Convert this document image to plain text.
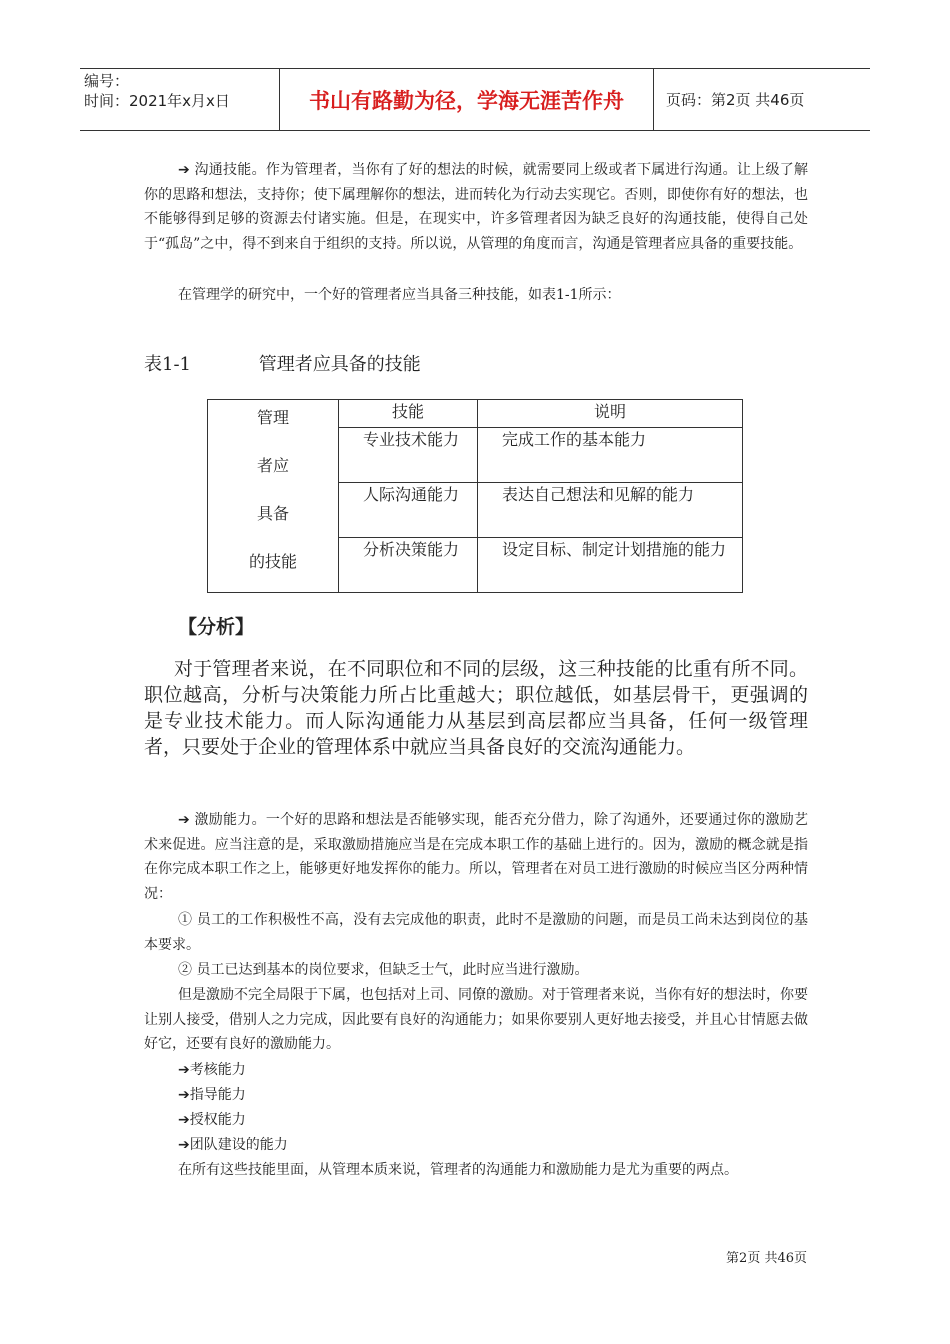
编号：
时间：2021年x月x日	书山有路勤为径，学海无涯苦作舟	页码：第2页 共46页

➔ 沟通技能。作为管理者，当你有了好的想法的时候，就需要同上级或者下属进行沟通。让上级了解你的思路和想法，支持你；使下属理解你的想法，进而转化为行动去实现它。否则，即使你有好的想法，也不能够得到足够的资源去付诸实施。但是，在现实中，许多管理者因为缺乏良好的沟通技能，使得自己处于“孤岛”之中，得不到来自于组织的支持。所以说，从管理的角度而言，沟通是管理者应具备的重要技能。

在管理学的研究中，一个好的管理者应当具备三种技能，如表1-1所示：

表1-1	管理者应具备的技能
管理
者应
具备
的技能	技能	说明
	专业技术能力	完成工作的基本能力
	人际沟通能力	表达自己想法和见解的能力
	分析决策能力	设定目标、制定计划措施的能力
【分析】

对于管理者来说，在不同职位和不同的层级，这三种技能的比重有所不同。职位越高，分析与决策能力所占比重越大；职位越低，如基层骨干，更强调的是专业技术能力。而人际沟通能力从基层到高层都应当具备，任何一级管理者，只要处于企业的管理体系中就应当具备良好的交流沟通能力。

➔ 激励能力。一个好的思路和想法是否能够实现，能否充分借力，除了沟通外，还要通过你的激励艺术来促进。应当注意的是，采取激励措施应当是在完成本职工作的基础上进行的。因为，激励的概念就是指在你完成本职工作之上，能够更好地发挥你的能力。所以，管理者在对员工进行激励的时候应当区分两种情况：

① 员工的工作积极性不高，没有去完成他的职责，此时不是激励的问题，而是员工尚未达到岗位的基本要求。

② 员工已达到基本的岗位要求，但缺乏士气，此时应当进行激励。

但是激励不完全局限于下属，也包括对上司、同僚的激励。对于管理者来说，当你有好的想法时，你要让别人接受，借别人之力完成，因此要有良好的沟通能力；如果你要别人更好地去接受，并且心甘情愿去做好它，还要有良好的激励能力。

➔考核能力
➔指导能力
➔授权能力
➔团队建设的能力

在所有这些技能里面，从管理本质来说，管理者的沟通能力和激励能力是尤为重要的两点。

第2页 共46页
